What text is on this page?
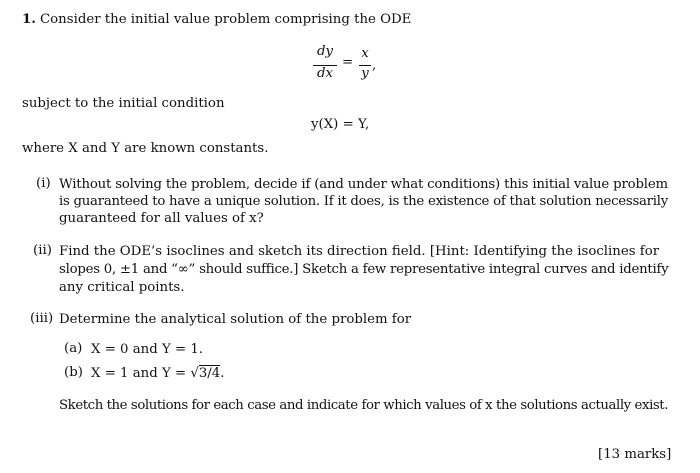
1. Consider the initial value problem comprising the ODE
dy
dx
=
x
y
,
subject to the initial condition
y(X) = Y,
where X and Y are known constants.
(i) Without solving the problem, decide if (and under what conditions) this initial value problem
is guaranteed to have a unique solution. If it does, is the existence of that solution necessarily
guaranteed for all values of x?
(ii) Find the ODE’s isoclines and sketch its direction field. [Hint: Identifying the isoclines for
slopes 0, ±1 and “∞” should suffice.] Sketch a few representative integral curves and identify
any critical points.
(iii) Determine the analytical solution of the problem for
(a) X = 0 and Y = 1.
(b) X = 1 and Y = √3/4.
Sketch the solutions for each case and indicate for which values of x the solutions actually exist.
[13 marks]
